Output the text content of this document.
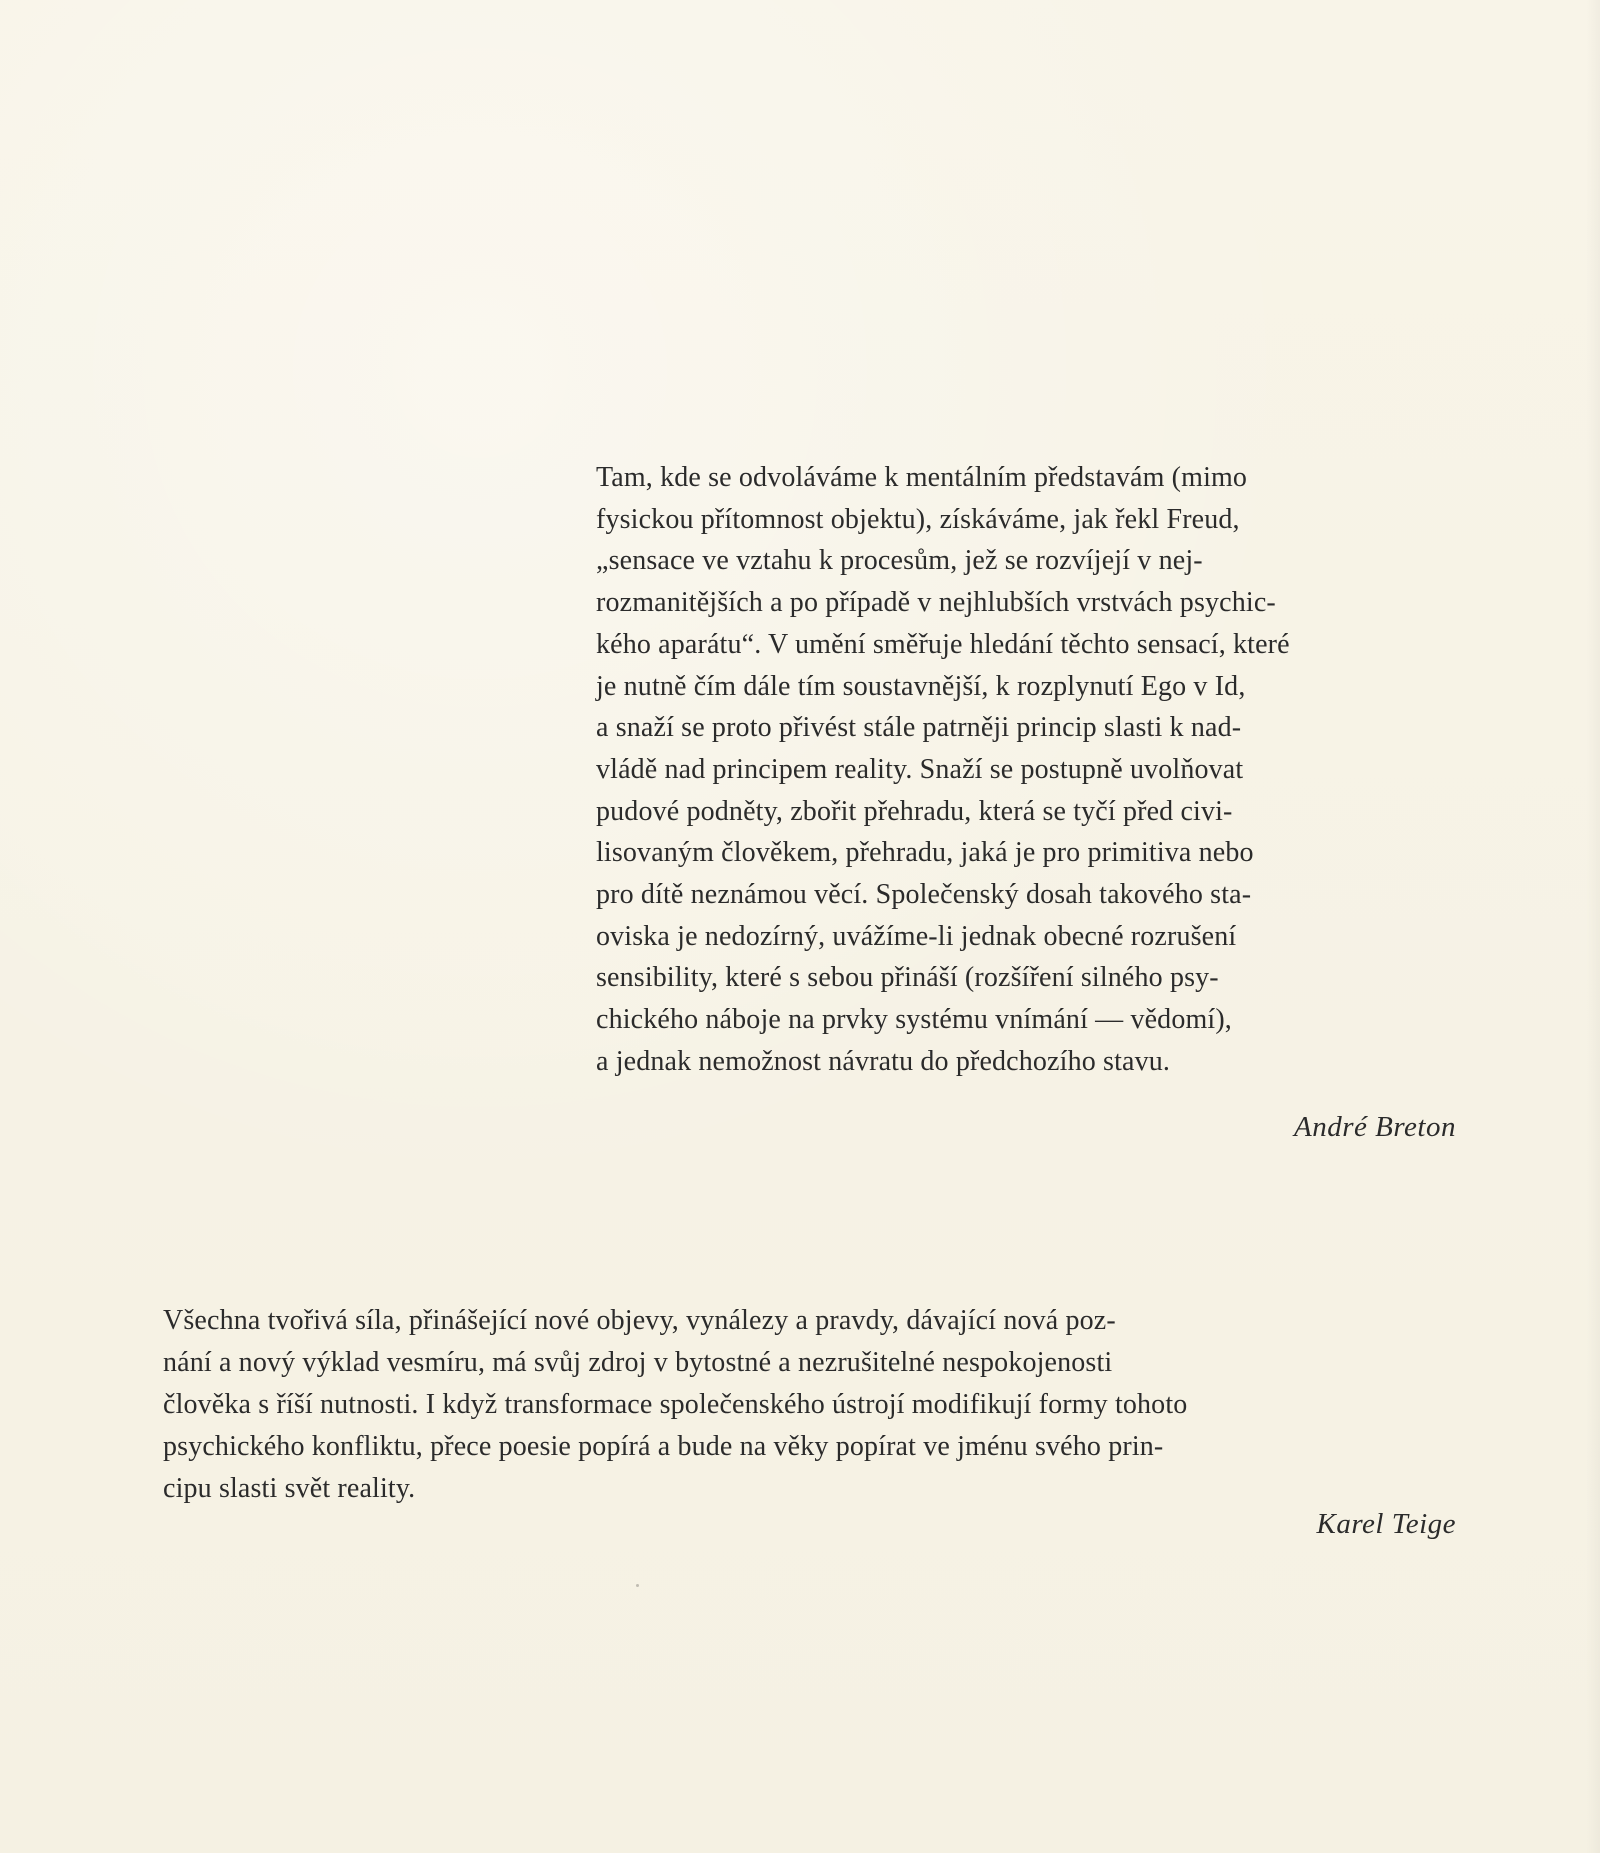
Tam, kde se odvoláváme k mentálním představám (mimo
fysickou přítomnost objektu), získáváme, jak řekl Freud,
„sensace ve vztahu k procesům, jež se rozvíjejí v nej-
rozmanitějších a po případě v nejhlubších vrstvách psychic-
kého aparátu“. V umění směřuje hledání těchto sensací, které
je nutně čím dále tím soustavnější, k rozplynutí Ego v Id,
a snaží se proto přivést stále patrněji princip slasti k nad-
vládě nad principem reality. Snaží se postupně uvolňovat
pudové podněty, zbořit přehradu, která se tyčí před civi-
lisovaným člověkem, přehradu, jaká je pro primitiva nebo
pro dítě neznámou věcí. Společenský dosah takového sta-
oviska je nedozírný, uvážíme-li jednak obecné rozrušení
sensibility, které s sebou přináší (rozšíření silného psy-
chického náboje na prvky systému vnímání — vědomí),
a jednak nemožnost návratu do předchozího stavu.

André Breton

Všechna tvořivá síla, přinášející nové objevy, vynálezy a pravdy, dávající nová poz-
nání a nový výklad vesmíru, má svůj zdroj v bytostné a nezrušitelné nespokojenosti
člověka s říší nutnosti. I když transformace společenského ústrojí modifikují formy tohoto
psychického konfliktu, přece poesie popírá a bude na věky popírat ve jménu svého prin-
cipu slasti svět reality.

Karel Teige
